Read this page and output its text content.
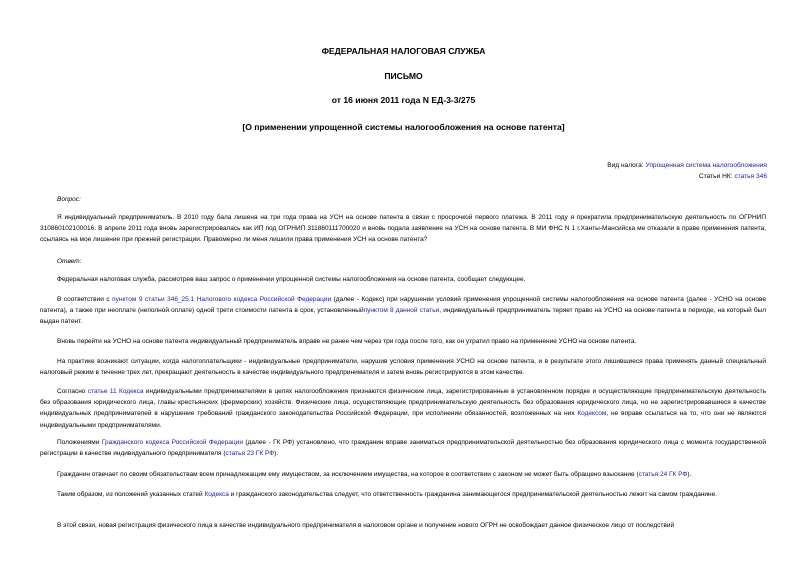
ФЕДЕРАЛЬНАЯ НАЛОГОВАЯ СЛУЖБА
ПИСЬМО
от 16 июня 2011 года N ЕД-3-3/275
[О применении упрощенной системы налогообложения на основе патента]
Вид налога: Упрощенная система налогообложения
Статьи НК: статья 346

Вопрос:

Я индивидуальный предприниматель. В 2010 году бала лишена на три года права на УСН на основе патента в связи с просрочкой первого платежа. В 2011 году я прекратила предпринимательскую деятельность по ОГРНИП 310860102100016. В апреле 2011 года вновь зарегистрировалась как ИП под ОГРНИП 311860111700020 и вновь подала заявление на УСН на основе патента. В МИ ФНС N 1 г.Ханты-Мансийска ме отказали в праве применения патента, ссылаясь на мое лишение при прежней регистрации. Правомерно ли меня лишили права применения УСН на основе патента?

Ответ:

Федеральная налоговая служба, рассмотрев ваш запрос о применении упрощенной системы налогообложения на основе патента, сообщает следующее.

В соответствии с пунктом 9 статьи 346_25.1 Налогового кодекса Российской Федерации (далее - Кодекс) при нарушении условий применения упрощенной системы налогообложения на основе патента (далее - УСНО на основе патента), а также при неоплате (неполной оплате) одной трети стоимости патента в срок, установленныйпунктом 8 данной статьи, индивидуальный предприниматель теряет право на УСНО на основе патента в периоде, на который был выдан патент.

Вновь перейти на УСНО на основе патента индивидуальный предприниматель вправе не ранее чем через три года после того, как он утратил право на применение УСНО на основе патента.

На практике возникают ситуации, когда налогоплательщики - индивидуальные предприниматели, нарушив условия применения УСНО на основе патента, и в результате этого лишившиеся права применять данный специальный налоговый режим в течение трех лет, прекращают деятельность в качестве индивидуального предпринимателя и затем вновь регистрируются в этом качестве.

Согласно статье 11 Кодекса индивидуальными предпринимателями в целях налогообложения признаются физические лица, зарегистрированные в установленном порядке и осуществляющие предпринимательскую деятельность без образования юридического лица, главы крестьянских (фермерских) хозяйств. Физические лица, осуществляющие предпринимательскую деятельность без образования юридического лица, но не зарегистрировавшиеся в качестве индивидуальных предпринимателей в нарушение требований гражданского законодательства Российской Федерации, при исполнении обязанностей, возложенных на них Кодексом, не вправе ссылаться на то, что они не являются индивидуальными предпринимателями.

Положениями Гражданского кодекса Российской Федерации (далее - ГК РФ) установлено, что гражданин вправе заниматься предпринимательской деятельностью без образования юридического лица с момента государственной регистрации в качестве индивидуального предпринимателя (статья 23 ГК РФ).

Гражданин отвечает по своим обязательствам всем принадлежащим ему имуществом, за исключением имущества, на которое в соответствии с законом не может быть обращено взыскание (статья 24 ГК РФ).

Таким образом, из положений указанных статей Кодекса и гражданского законодательства следует, что ответственность гражданина занимающегося предпринимательской деятельностью лежит на самом гражданине.

В этой связи, новая регистрация физического лица в качестве индивидуального предпринимателя в налоговом органе и получение нового ОГРН не освобождает данное физическое лицо от последствий
